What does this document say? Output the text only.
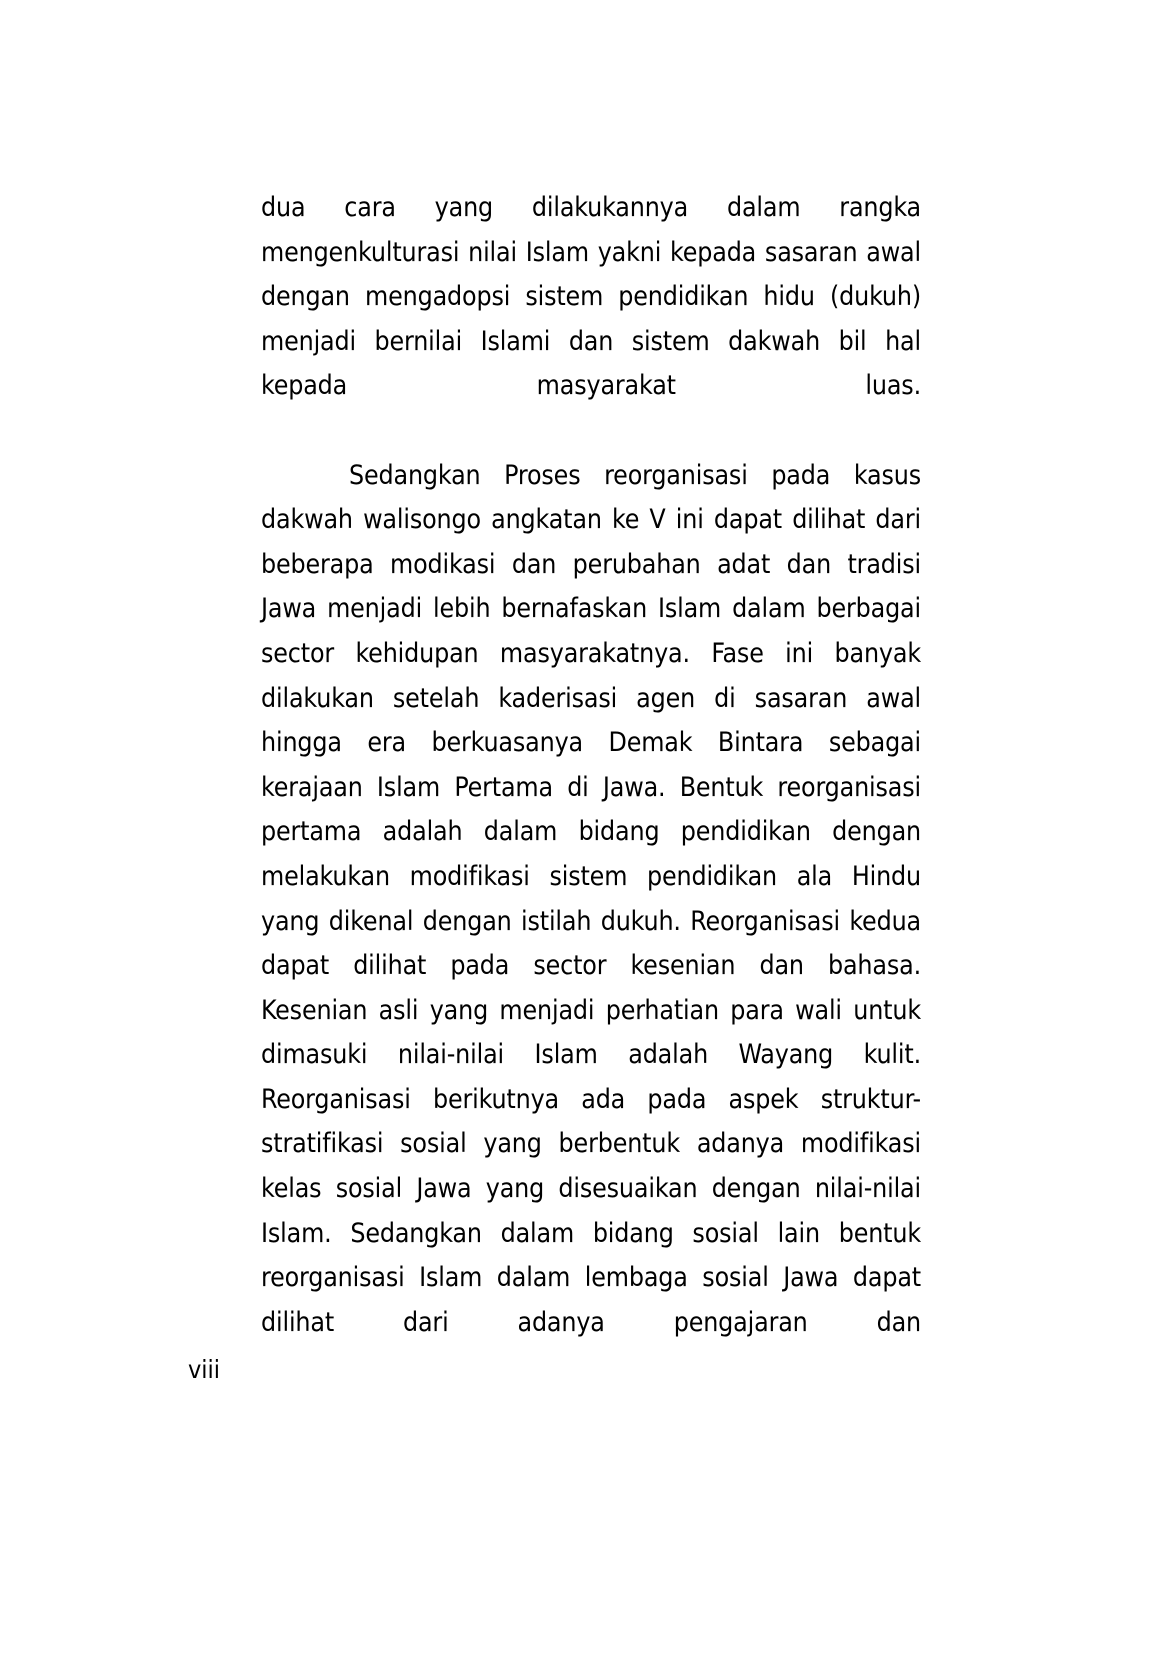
dua cara yang dilakukannya dalam rangka mengenkulturasi nilai Islam yakni kepada sasaran awal dengan mengadopsi sistem pendidikan hidu (dukuh) menjadi bernilai Islami dan sistem dakwah bil hal kepada masyarakat luas.

Sedangkan Proses reorganisasi pada kasus dakwah walisongo angkatan ke V ini dapat dilihat dari beberapa modikasi dan perubahan adat dan tradisi Jawa menjadi lebih bernafaskan Islam dalam berbagai sector kehidupan masyarakatnya. Fase ini banyak dilakukan setelah kaderisasi agen di sasaran awal hingga era berkuasanya Demak Bintara sebagai kerajaan Islam Pertama di Jawa. Bentuk reorganisasi pertama adalah dalam bidang pendidikan dengan melakukan modifikasi sistem pendidikan ala Hindu yang dikenal dengan istilah dukuh. Reorganisasi kedua dapat dilihat pada sector kesenian dan bahasa. Kesenian asli yang menjadi perhatian para wali untuk dimasuki nilai-nilai Islam adalah Wayang kulit. Reorganisasi berikutnya ada pada aspek struktur-stratifikasi sosial yang berbentuk adanya modifikasi kelas sosial Jawa yang disesuaikan dengan nilai-nilai Islam. Sedangkan dalam bidang sosial lain bentuk reorganisasi Islam dalam lembaga sosial Jawa dapat dilihat dari adanya pengajaran dan

viii
